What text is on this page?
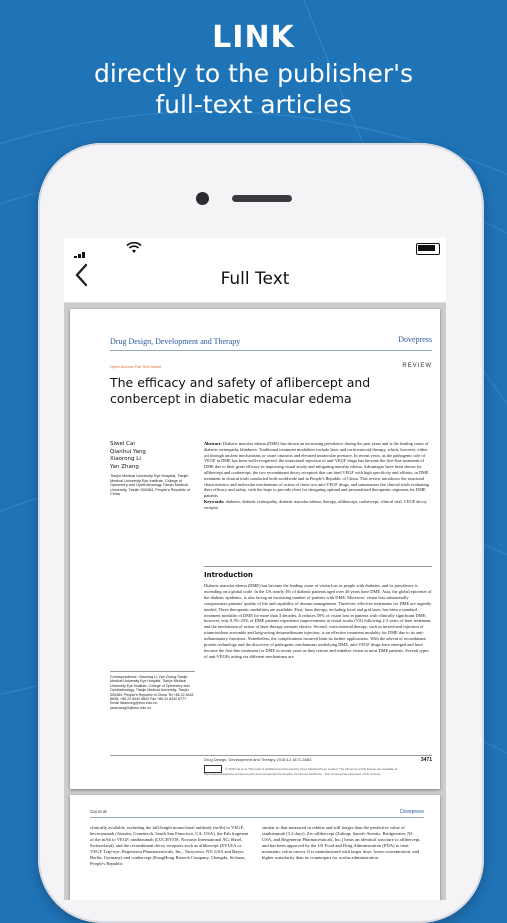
LINK
directly to the publisher's
full-text articles
Full Text
Drug Design, Development and Therapy	Dovepress
Open Access Full Text Article	REVIEW
The efficacy and safety of aflibercept and conbercept in diabetic macular edema
Siwei Cai
Qianhui Yang
Xiaorong Li
Yan Zhang
Tianjin Medical University Eye Hospital, Tianjin Medical University Eye Institute, College of Optometry and Ophthalmology Tianjin Medical University, Tianjin 300384, People's Republic of China
Correspondence: Xiaorong Li; Yan Zhang Tianjin Medical University Eye Hospital, Tianjin Medical University Eye Institute, College of Optometry and Ophthalmology, Tianjin Medical University, Tianjin 300384, People's Republic of China Tel +86 22 8442 8838; +86 22 8442 8842 Fax +86 22 8442 8777 Email lixiaorong@tmu.edu.cn; yanzhang04@tmu.edu.cn
Abstract: Diabetic macular edema (DME) has shown an increasing prevalence during the past years and is the leading cause of diabetic retinopathy blindness. Traditional treatment modalities include laser and corticosteroid therapy, which, however, either act through unclear mechanisms or cause cataracts and elevated intraocular pressure. In recent years, as the pathogenic role of VEGF in DME has been well-recognized, the intravitreal injection of anti-VEGF drugs has become the first-line treatment of DME due to their great efficacy in improving visual acuity and mitigating macular edema. Advantages have been shown for aflibercept and conbercept, the two recombinant decoy receptors that can bind VEGF with high specificity and affinity, in DME treatment in clinical trials conducted both worldwide and in People's Republic of China. This review introduces the structural characteristics and molecular mechanisms of action of these two anti-VEGF drugs, and summarizes the clinical trials evaluating their efficacy and safety, with the hope to provide clues for designing optimal and personalized therapeutic regimens for DME patients.
Keywords: diabetes, diabetic retinopathy, diabetic macular edema, therapy, aflibercept, conbercept, clinical trial, VEGF decoy receptor
Introduction
Diabetic macular edema (DME) has become the leading cause of vision loss in people with diabetes, and its prevalence is ascending on a global scale. In the US, nearly 4% of diabetic patients aged over 40 years have DME. Asia, the global epicenter of the diabetic epidemic, is also facing an increasing number of patients with DME. Moreover, vision loss substantially compromises patients' quality of life and capability of disease management. Therefore, effective treatments for DME are urgently needed. Three therapeutic modalities are available. First, laser therapy, including focal and grid laser, has been a standard treatment modality of DME for more than 3 decades. It reduces 50% of vision loss in patients with clinically significant DME; however, only 8.5%-25% of DME patients experience improvements in visual acuity (VA) following 2-3 years of laser treatment, and the mechanism of action of laser therapy remains elusive. Second, corticosteroid therapy, such as intravitreal injection of triamcinolone acetonide and long-acting dexamethasone injection, is an effective treatment modality for DME due to its anti-inflammatory functions. Nonetheless, the complications incurred limit its further applications. With the advent of recombinant protein technology and the discovery of pathogenic mechanisms underlying DME, anti-VEGF drugs have emerged and have become the first-line treatment for DME in recent years as they restore and stabilize vision in most DME patients. Several types of anti-VEGFs acting via different mechanisms are
Drug Design, Development and Therapy 2018:12 3471-3483	3471
© 2018 Cai et al. This work is published and licensed by Dove Medical Press Limited. The full terms of this license are available at https://www.dovepress.com/terms.php and incorporate the Creative Commons Attribution - Non Commercial (unported, v3.0) License.
Cai et al	Dovepress
clinically available, including the full-length monoclonal antibody (mAb) to VEGF, bevacizumab (Avastin; Genentech, South San Francisco, CA, USA), the Fab fragment of the mAb to VEGF, ranibizumab (LUCENTIS; Novartis International AG, Basel, Switzerland), and the recombinant decoy receptors such as aflibercept (EYLEA or VEGF Trap-eye; Regeneron Pharmaceuticals, Inc., Tarrytown, NY, USA and Bayer, Berlin, Germany) and conbercept (KangHong Biotech Company, Chengdu, Sichuan, People's Republic
similar to that measured in rabbits and still longer than the predictive value of ranibizumab (3.2 days). Ziv-aflibercept (Zaltrap; Sanofi-Aventis, Bridgewater, NJ, USA, and Regeneron Pharmaceuticals, Inc.) bears an identical structure to aflibercept, and has been approved by the US Food and Drug Administration (FDA) to treat metastatic colon cancer. It is manufactured with larger dose, lower concentration, and higher osmolarity than its counterpart for ocular administration.
